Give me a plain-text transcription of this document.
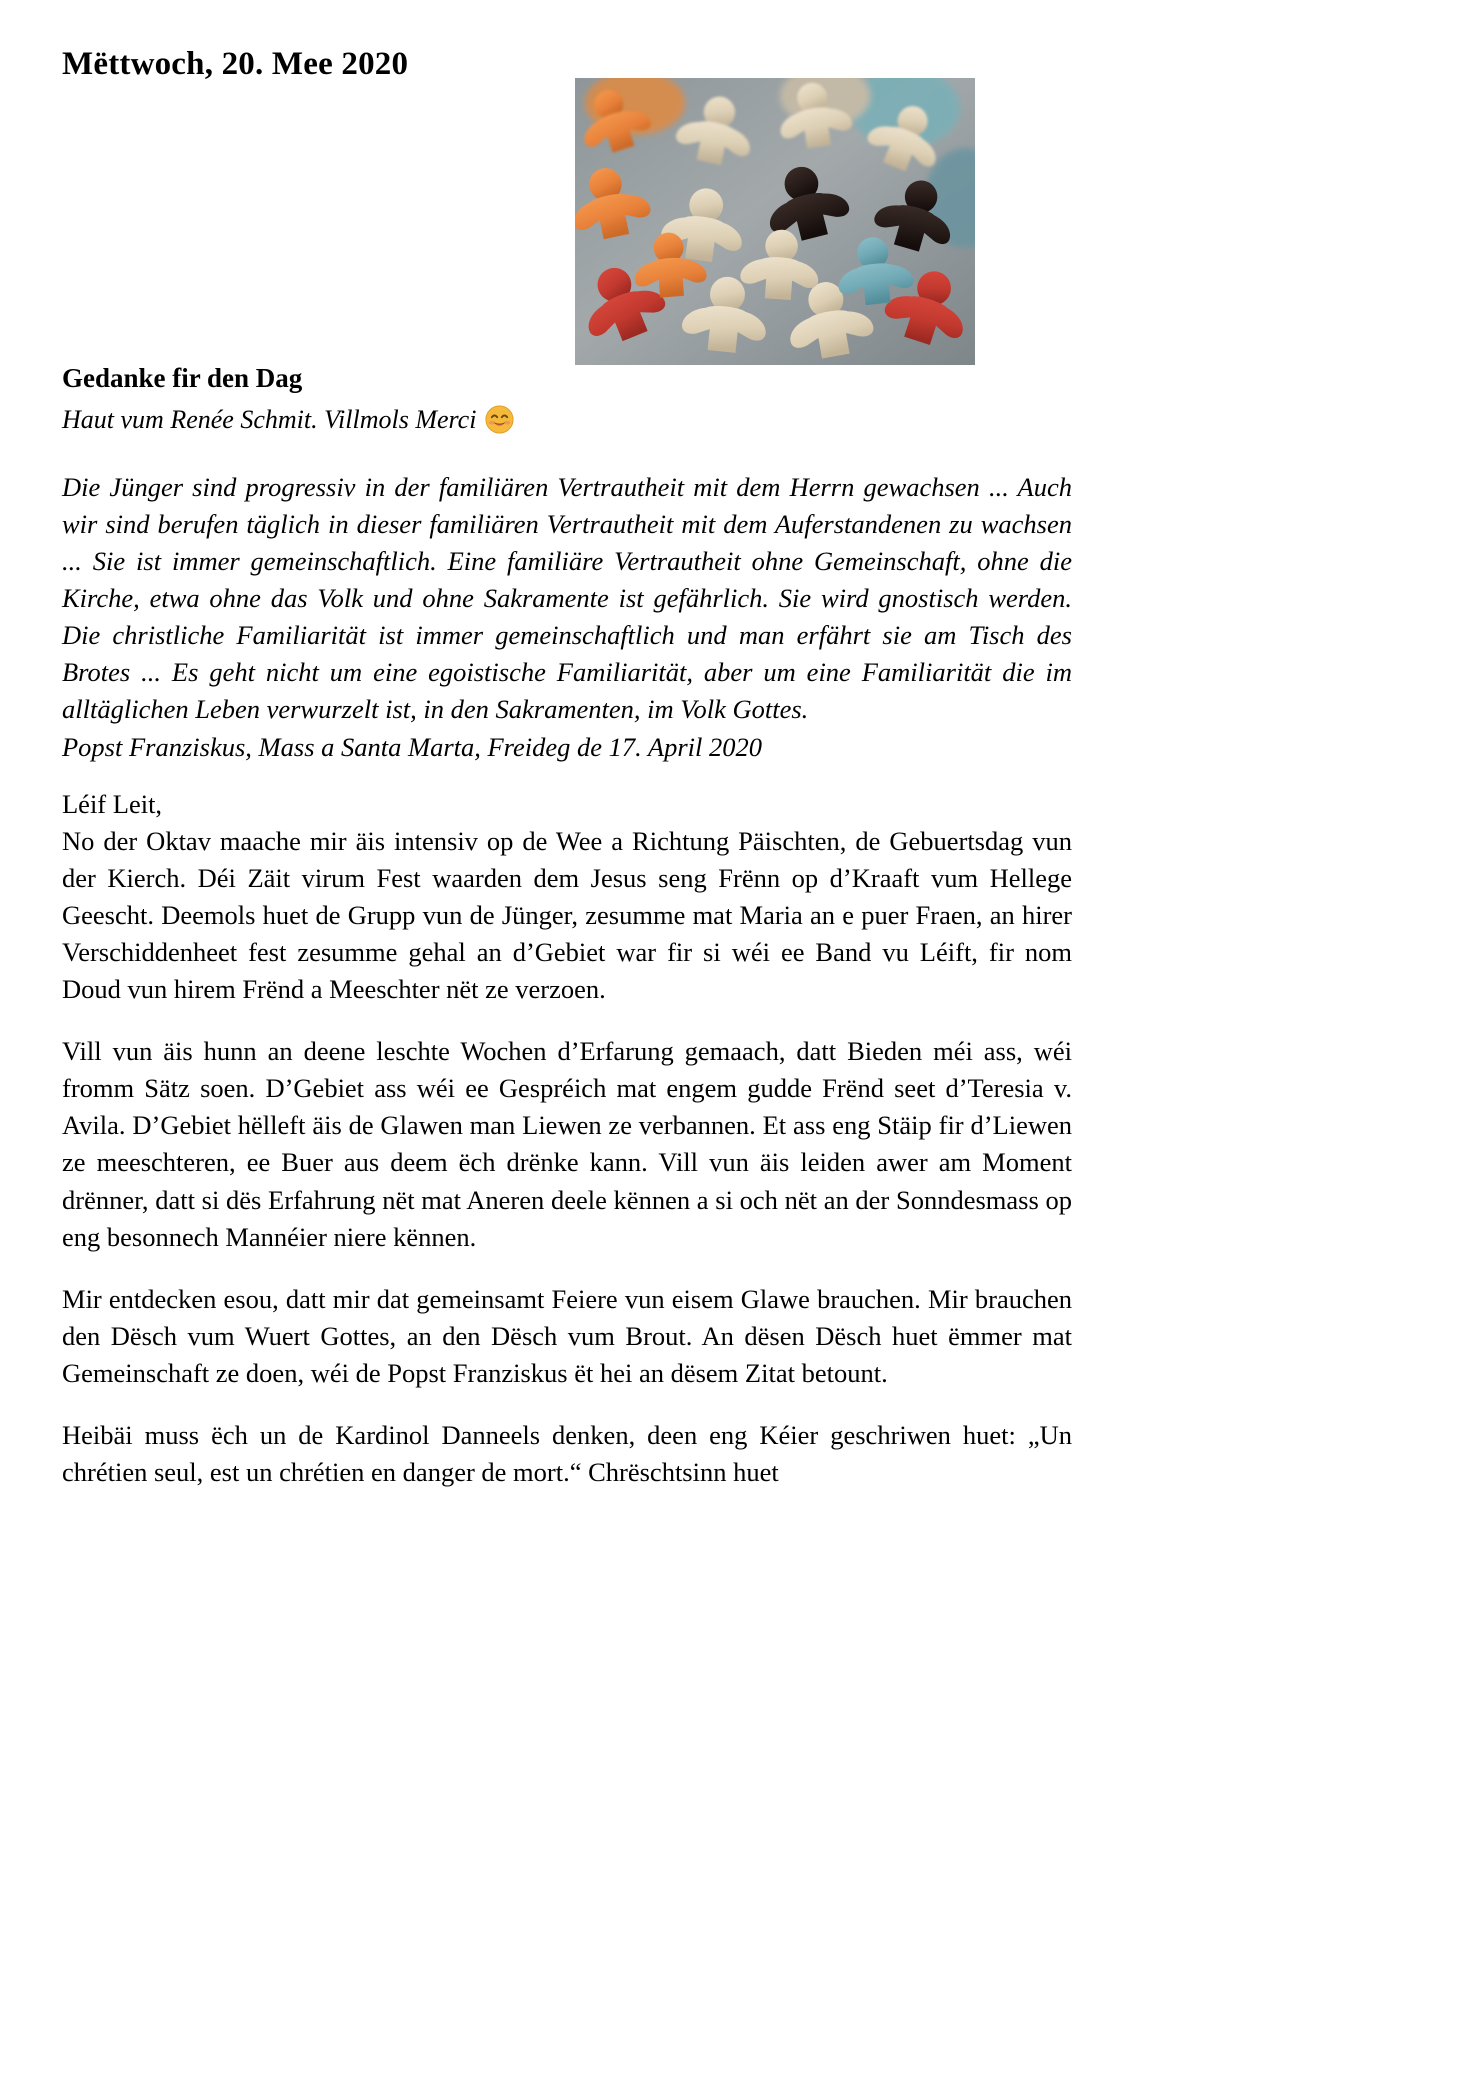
Mëttwoch, 20. Mee 2020
Gedanke fir den Dag
Haut vum Renée Schmit. Villmols Merci

Die Jünger sind progressiv in der familiären Vertrautheit mit dem Herrn gewachsen ... Auch wir sind berufen täglich in dieser familiären Vertrautheit mit dem Auferstandenen zu wachsen ... Sie ist immer gemeinschaftlich. Eine familiäre Vertrautheit ohne Gemeinschaft, ohne die Kirche, etwa ohne das Volk und ohne Sakramente ist gefährlich. Sie wird gnostisch werden. Die christliche Familiarität ist immer gemeinschaftlich und man erfährt sie am Tisch des Brotes ... Es geht nicht um eine egoistische Familiarität, aber um eine Familiarität die im alltäglichen Leben verwurzelt ist, in den Sakramenten, im Volk Gottes.

Popst Franziskus, Mass a Santa Marta, Freideg de 17. April 2020

Léif Leit,

No der Oktav maache mir äis intensiv op de Wee a Richtung Päischten, de Gebuertsdag vun der Kierch. Déi Zäit virum Fest waarden dem Jesus seng Frënn op d’Kraaft vum Hellege Geescht. Deemols huet de Grupp vun de Jünger, zesumme mat Maria an e puer Fraen, an hirer Verschiddenheet fest zesumme gehal an d’Gebiet war fir si wéi ee Band vu Léift, fir nom Doud vun hirem Frënd a Meeschter nët ze verzoen.

Vill vun äis hunn an deene leschte Wochen d’Erfarung gemaach, datt Bieden méi ass, wéi fromm Sätz soen. D’Gebiet ass wéi ee Gespréich mat engem gudde Frënd seet d’Teresia v. Avila. D’Gebiet hëlleft äis de Glawen man Liewen ze verbannen. Et ass eng Stäip fir d’Liewen ze meeschteren, ee Buer aus deem ëch drënke kann. Vill vun äis leiden awer am Moment drënner, datt si dës Erfahrung nët mat Aneren deele kënnen a si och nët an der Sonndesmass op eng besonnech Mannéier niere kënnen.

Mir entdecken esou, datt mir dat gemeinsamt Feiere vun eisem Glawe brauchen. Mir brauchen den Dësch vum Wuert Gottes, an den Dësch vum Brout. An dësen Dësch huet ëmmer mat Gemeinschaft ze doen, wéi de Popst Franziskus ët hei an dësem Zitat betount.

Heibäi muss ëch un de Kardinol Danneels denken, deen eng Kéier geschriwen huet: „Un chrétien seul, est un chrétien en danger de mort.“ Chrëschtsinn huet
